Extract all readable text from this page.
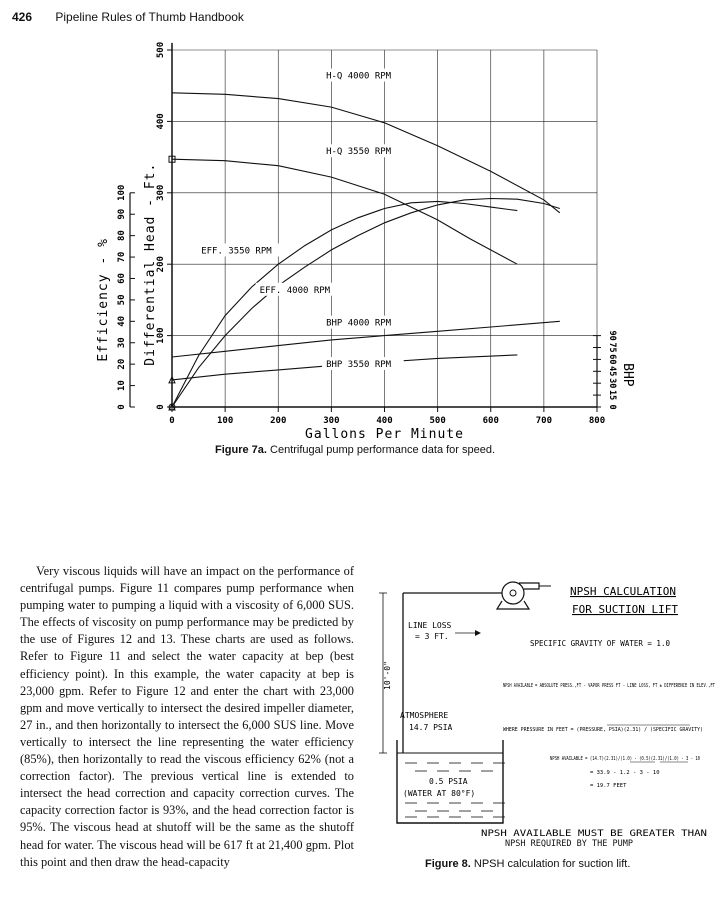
426 Pipeline Rules of Thumb Handbook
0	100	200	300	400	500	600	700	800
0
100
200
300
400
500
0
10
20
30
40
50
60
70
80
90
100
0
15
30
45
60
75
90
Gallons Per Minute
Efficiency - % Differential Head - Ft.
BHP
H-Q 4000 RPM
H-Q 3550 RPM
EFF. 3550 RPM
EFF. 4000 RPM
BHP 4000 RPM
BHP 3550 RPM
Figure 7a. Centrifugal pump performance data for speed.

Very viscous liquids will have an impact on the performance of centrifugal pumps. Figure 11 compares pump performance when pumping water to pumping a liquid with a viscosity of 6,000 SUS. The effects of viscosity on pump performance may be predicted by the use of Figures 12 and 13. These charts are used as follows. Refer to Figure 11 and select the water capacity at bep (best efficiency point). In this example, the water capacity at bep is 23,000 gpm. Refer to Figure 12 and enter the chart with 23,000 gpm and move vertically to intersect the desired impeller diameter, 27 in., and then horizontally to intersect the 6,000 SUS line. Move vertically to intersect the line representing the water efficiency (85%), then horizontally to read the viscous efficiency 62% (not a correction factor). The previous vertical line is extended to intersect the head correction and capacity correction curves. The capacity correction factor is 93%, and the head correction factor is 95%. The viscous head at shutoff will be the same as the shutoff head for water. The viscous head will be 617 ft at 21,400 gpm. Plot this point and then draw the head-capacity

NPSH CALCULATION
FOR SUCTION LIFT
SPECIFIC GRAVITY OF WATER = 1.0
LINE LOSS
= 3 FT.
10'-0"
ATMOSPHERE
14.7 PSIA
0.5 PSIA
(WATER AT 80°F)
NPSH AVAILABLE = ABSOLUTE PRESS.,FT - VAPOR PRESS FT - LINE LOSS, FT ± DIFFERENCE IN ELEV.,FT
WHERE PRESSURE IN FEET = (PRESSURE, PSIA)(2.31) / (SPECIFIC GRAVITY)
NPSH AVAILABLE = (14.7)(2.31)/(1.0) - (0.5)(2.31)/(1.0) - 3 - 10
= 33.9 - 1.2 - 3 - 10
= 19.7 FEET
NPSH AVAILABLE MUST BE GREATER THAN
NPSH REQUIRED BY THE PUMP
Figure 8. NPSH calculation for suction lift.
